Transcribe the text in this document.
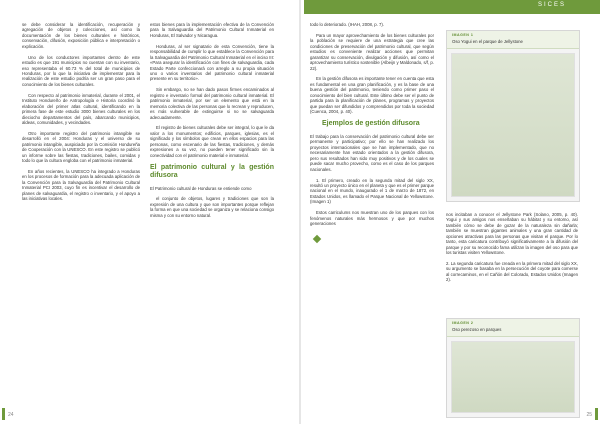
SICES

se debe considerar la identificación, recuperación y agregación de objetos y colecciones, así como la documentación de los bienes culturales e históricos, conservación, difusión, exposición pública e interpretación o explicación.

Uno de los conductores importantes dentro de este estudio es que 191 municipios no cuentan con su inventario, eso representaba el 60.73 % del total de municipios de Honduras, por lo que la iniciativa de implementar para la realización de este estudio podría ser un gran paso para el conocimiento de los bienes culturales.

Con respecto al patrimonio inmaterial, durante el 2001, el Instituto Hondureño de Antropología e Historia coordinó la elaboración del primer atlas cultural, identificando en la primera fase de este estudio 3000 bienes culturales en los dieciocho departamentos del país, abarcando municipios, aldeas, comunidades, y vecindades.

Otro importante registro del patrimonio intangible se desarrolló en el 2004: Honduras y el universo de su patrimonio intangible, auspiciado por la Comisión Hondureña de Cooperación con la UNESCO. En este registro se publicó un informe sobre las fiestas, tradiciones, bailes, comidas y todo lo que la cultura engloba con el patrimonio inmaterial.

En años recientes, la UNESCO ha integrado a Honduras en los procesos de formación para la adecuada aplicación de la Convención para la Salvaguardia del Patrimonio Cultural Inmaterial PCI 2003, cuyo fin es incentivar el desarrollo de planes de salvaguardia, el registro o inventario, y el apoyo a las iniciativas locales.

estos bienes para la implementación efectiva de la Convención para la Salvaguardia del Patrimonio Cultural Inmaterial en Honduras, El Salvador y Nicaragua.

Honduras, al ser signatario de esta Convención, tiene la responsabilidad de cumplir lo que establece la Convención para la Salvaguardia del Patrimonio Cultural Inmaterial en el inciso III: «Para asegurar la identificación con fines de salvaguardia, cada Estado Parte confeccionará con arreglo a su propia situación uno o varios inventarios del patrimonio cultural inmaterial presente en su territorio».

Sin embargo, no se han dado pasos firmes encaminados al registro e inventario formal del patrimonio cultural inmaterial. El patrimonio inmaterial, por ser un elemento que está en la memoria colectiva de las personas que lo recrean y reproducen, es más vulnerable de extinguirse si no se salvaguarda adecuadamente.

El registro de bienes culturales debe ser integral, lo que le da valor a los monumentos; edificios, parques, iglesias, es el significado y los símbolos que crean en ellos espacios para las personas, como escenario de las fiestas, tradiciones, y demás expresiones a su vez, no pueden tener significado sin la conectividad con el patrimonio material e inmaterial.

El patrimonio cultural y la gestión difusora

El Patrimonio cultural de Honduras se entiende como

el conjunto de objetos, lugares y tradiciones que son la expresión de una cultura y que son importantes porque reflejan la forma en que una sociedad se organiza y se relaciona consigo misma y con su entorno natural.

todo lo deteriorado. (IHAH, 2008, p. 7).

Para un mayor aprovechamiento de los bienes culturales por la población se requiere de una estrategia que cree las condiciones de preservación del patrimonio cultural, que según estudios es conveniente realizar acciones que permitan garantizar su conservación, divulgación y difusión, así como el aprovechamiento turístico sostenible (Albeijn y Maldonado, s/f, p. 22).

En la gestión difusora es importante tener en cuenta que esta es fundamental en una gran planificación, y es la base de una buena gestión del patrimonio, teniendo como primer paso el conocimiento del bien cultural. Este último debe ser el punto de partida para la planificación de planes, programas y proyectos que puedan ser difundidos y comprendidos por toda la sociedad (Cuenca, 2004, p. 40).

Ejemplos de gestión difusora

El trabajo para la conservación del patrimonio cultural debe ser permanente y participativo; por ello se han realizado los proyectos internacionales que se han implementado, que no necesariamente han estado orientados a la gestión difusora, pero sus resultados han sido muy positivos y de los cuales se puede sacar mucho provecho, como es el caso de los parques nacionales.

1. El primero, creado en la segunda mitad del siglo XX, resultó un proyecto único en el planeta y que es el primer parque nacional en el mundo, inaugurado el 1 de marzo de 1872, en Estados Unidos, es llamado el Parque Nacional de Yellowstone. (Imagen 1)

Estos carriculums nos muestran uno de los parques con los fenómenos naturales más hermosos y que por muchos generaciones

IMAGEN 1
Oso Yogui en el parque de Jellystone

nos incitaban a conocer el Jellystone Park (Solano, 2005, p. 40). Yogui y sus amigos nos enseñaban su hábitat y su entorno, así también cómo se debe de gozar de la naturaleza sin dañarla; también se muestran gigantes animales y una gran cantidad de opciones atractivas para las personas que visitan el parque. Por lo tanto, esta caricatura contribuyó significativamente a la difusión del parque y por su reconocido fama utilizan la imagen del oso para que los turistas visiten Yellowstone.

2. La segunda caricatura fue creada en la primera mitad del siglo XX, su argumento se basaba en la persecución del coyote para comerse al correcaminos, en el Cañón del Colorado, Estados Unidos (Imagen 2).

IMAGEN 2
Oso perezoso en parques

24	25
